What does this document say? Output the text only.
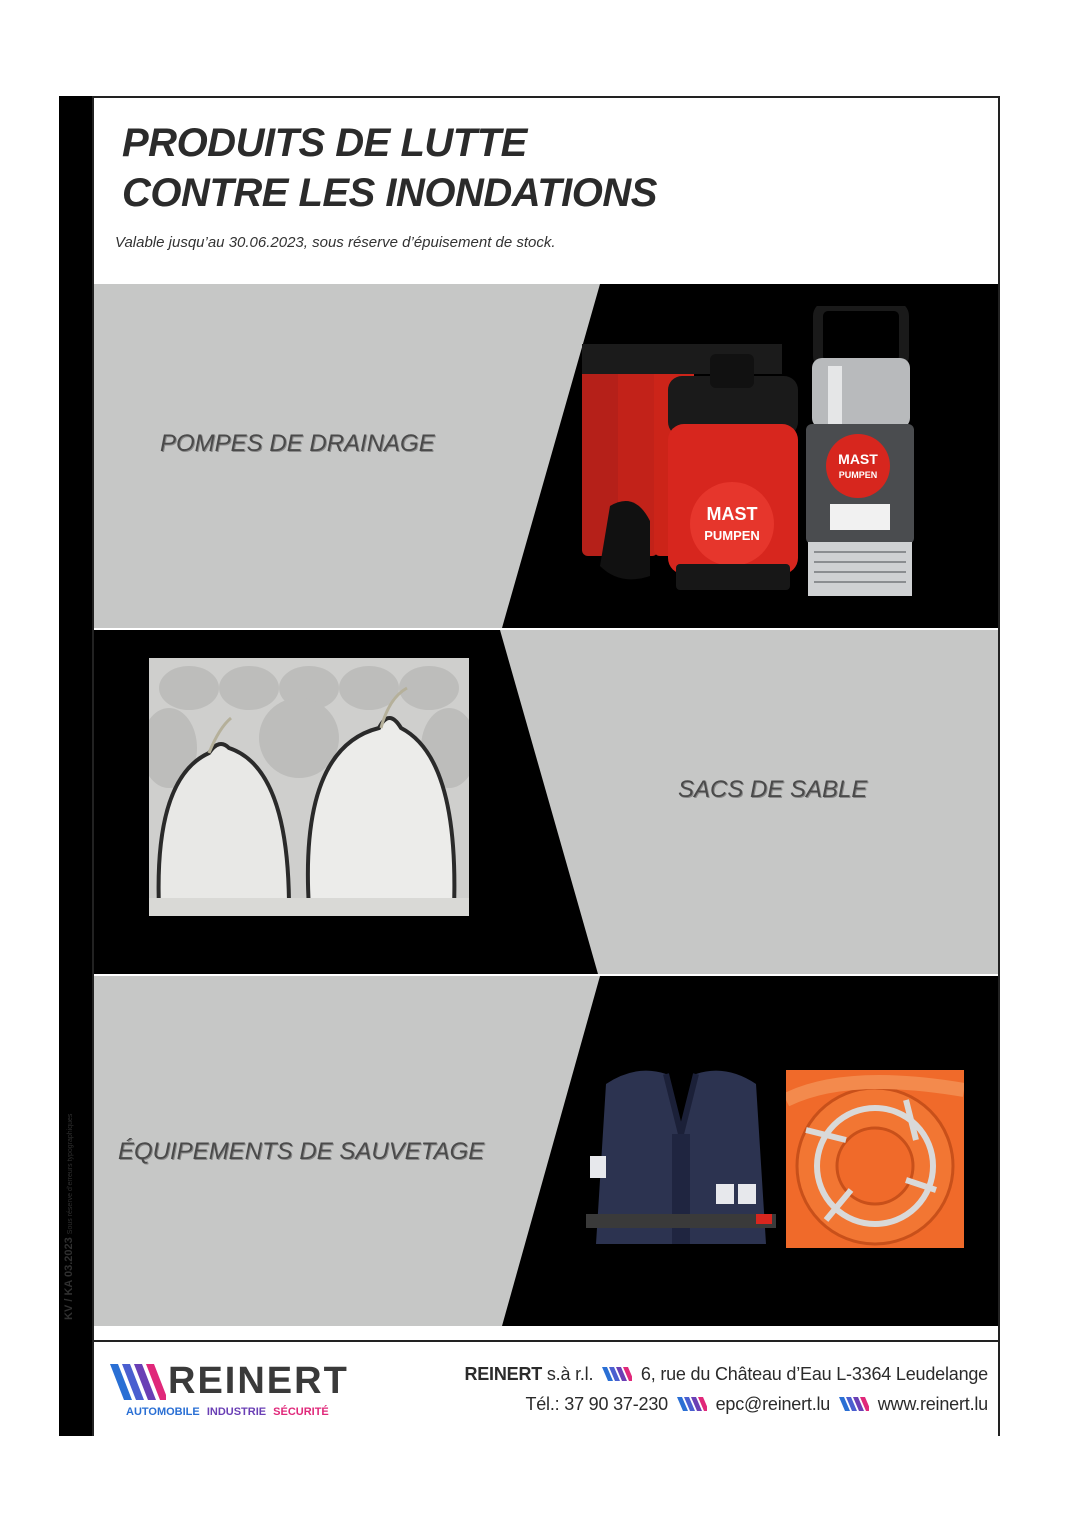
KV / KA 03.2023 Sous réserve d’erreurs typographiques
PRODUITS DE LUTTE
CONTRE LES INONDATIONS

Valable jusqu’au 30.06.2023, sous réserve d’épuisement de stock.

POMPES DE DRAINAGE
MAST
PUMPEN
MAST
PUMPEN
SACS DE SABLE
ÉQUIPEMENTS DE SAUVETAGE
REINERT
AUTOMOBILE INDUSTRIE SÉCURITÉ
REINERT s.à r.l.	6, rue du Château d’Eau L-3364 Leudelange
Tél.: 37 90 37-230	epc@reinert.lu	www.reinert.lu
